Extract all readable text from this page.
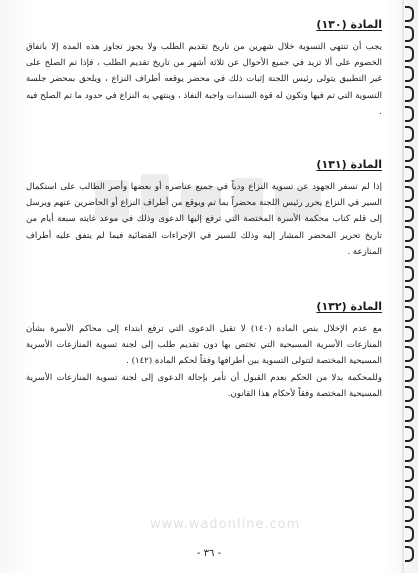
www.wadonline.com
المادة (١٣٠)

يجب أن تنتهي التسوية خلال شهرين من تاريخ تقديم الطلب ولا يجوز تجاوز هذه المدة إلا باتفاق الخصوم على ألا تزيد في جميع الأحوال عن ثلاثة أشهر من تاريخ تقديم الطلب ، فإذا تم الصلح على غير التطبيق يتولى رئيس اللجنة إثبات ذلك في محضر يوقعه أطراف النزاع ، ويلحق بمحضر جلسة التسوية التي تم فيها وتكون له قوة السندات واجبة النفاذ ، وينتهي به النزاع في حدود ما تم الصلح فيه .

المادة (١٣١)

إذا لم تسفر الجهود عن تسوية النزاع ودياً في جميع عناصره أو بعضها وأصر الطالب على استكمال السير في النزاع يحرر رئيس اللجنة محضراً بما تم ويوقع من أطراف النزاع أو الحاضرين عنهم ويرسل إلى قلم كتاب محكمة الأسرة المختصة التي ترفع إليها الدعوى وذلك في موعد غايته سبعة أيام من تاريخ تحرير المحضر المشار إليه وذلك للسير في الإجراءات القضائية فيما لم يتفق عليه أطراف المنازعة .

المادة (١٣٢)

مع عدم الإخلال بنص المادة (١٤٠) لا تقبل الدعوى التي ترفع ابتداء إلى محاكم الأسرة بشأن المنازعات الأسرية المسيحية التي تختص بها دون تقديم طلب إلى لجنة تسوية المنازعات الأسرية المسيحية المختصة لتتولى التسوية بين أطرافها وفقاً لحكم المادة (١٤٢) .

وللمحكمة بدلا من الحكم بعدم القبول أن تأمر بإحالة الدعوى إلى لجنة تسوية المنازعات الأسرية المسيحية المختصة وفقاً لأحكام هذا القانون.

- ٣٦ -
